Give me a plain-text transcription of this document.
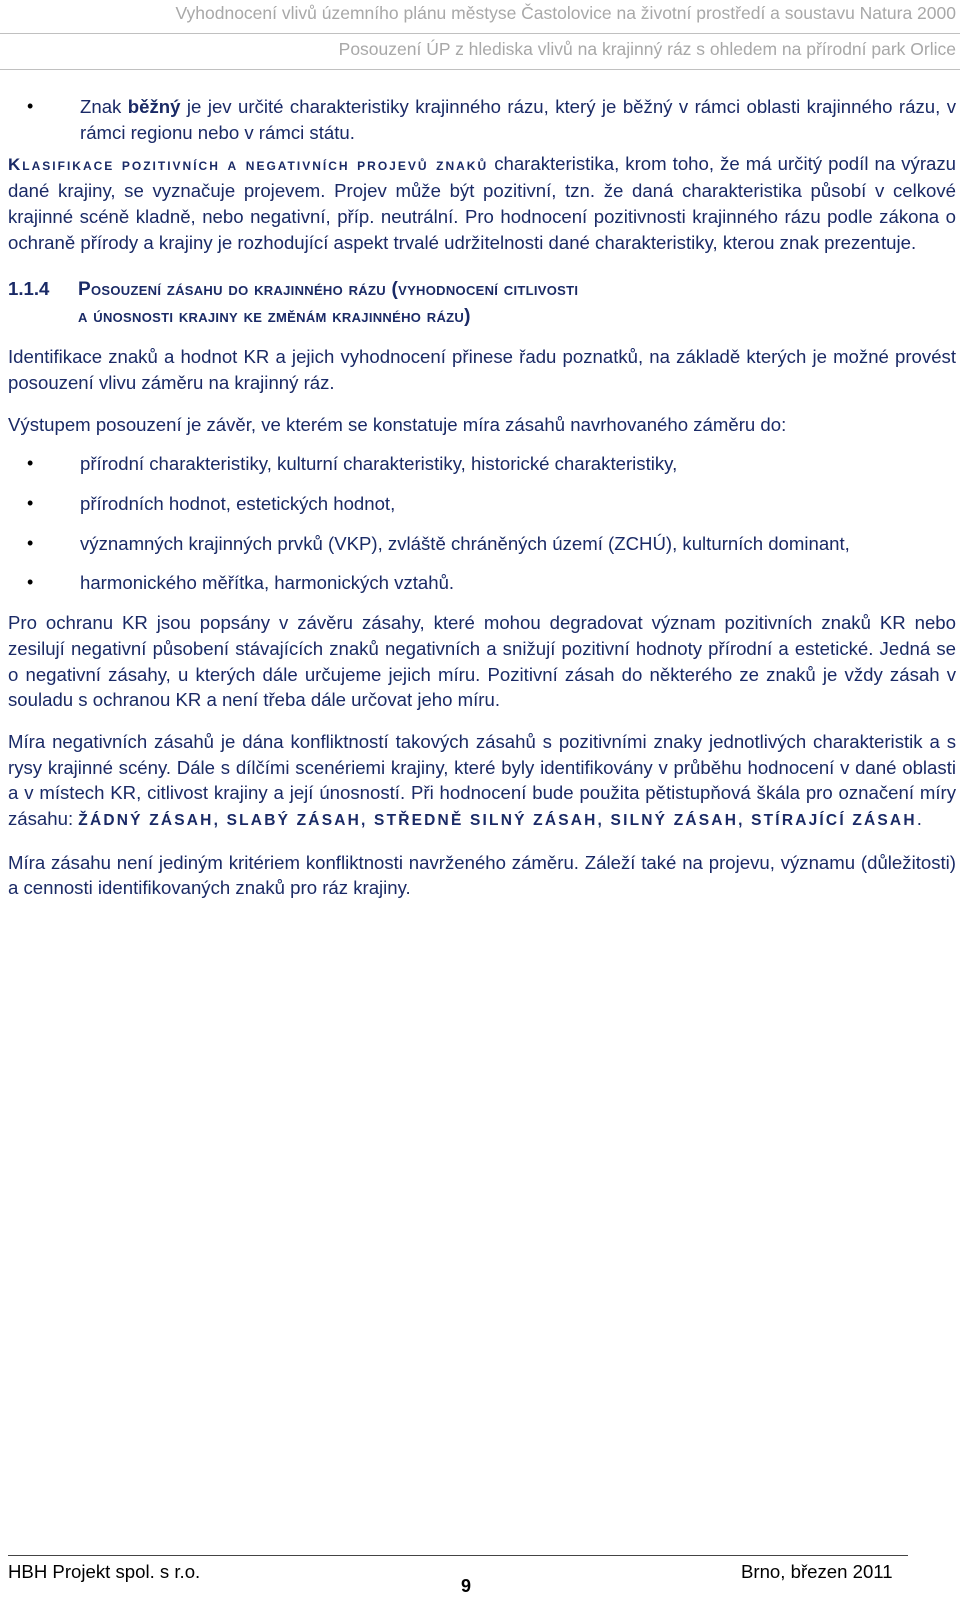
Vyhodnocení vlivů územního plánu městyse Častolovice na životní prostředí a soustavu Natura 2000
Posouzení ÚP z hlediska vlivů na krajinný ráz s ohledem na přírodní park Orlice
• Znak běžný je jev určité charakteristiky krajinného rázu, který je běžný v rámci oblasti krajinného rázu, v rámci regionu nebo v rámci státu.

Klasifikace pozitivních a negativních projevů znaků charakteristika, krom toho, že má určitý podíl na výrazu dané krajiny, se vyznačuje projevem. Projev může být pozitivní, tzn. že daná charakteristika působí v celkové krajinné scéně kladně, nebo negativní, příp. neutrální. Pro hodnocení pozitivnosti krajinného rázu podle zákona o ochraně přírody a krajiny je rozhodující aspekt trvalé udržitelnosti dané charakteristiky, kterou znak prezentuje.

1.1.4 Posouzení zásahu do krajinného rázu (vyhodnocení citlivosti
a únosnosti krajiny ke změnám krajinného rázu)

Identifikace znaků a hodnot KR a jejich vyhodnocení přinese řadu poznatků, na základě kterých je možné provést posouzení vlivu záměru na krajinný ráz.

Výstupem posouzení je závěr, ve kterém se konstatuje míra zásahů navrhovaného záměru do:

• přírodní charakteristiky, kulturní charakteristiky, historické charakteristiky,
• přírodních hodnot, estetických hodnot,
• významných krajinných prvků (VKP), zvláště chráněných území (ZCHÚ), kulturních dominant,
• harmonického měřítka, harmonických vztahů.

Pro ochranu KR jsou popsány v závěru zásahy, které mohou degradovat význam pozitivních znaků KR nebo zesilují negativní působení stávajících znaků negativních a snižují pozitivní hodnoty přírodní a estetické. Jedná se o negativní zásahy, u kterých dále určujeme jejich míru. Pozitivní zásah do některého ze znaků je vždy zásah v souladu s ochranou KR a není třeba dále určovat jeho míru.

Míra negativních zásahů je dána konfliktností takových zásahů s pozitivními znaky jednotlivých charakteristik a s rysy krajinné scény. Dále s dílčími scenériemi krajiny, které byly identifikovány v průběhu hodnocení v dané oblasti a v místech KR, citlivost krajiny a její únosností. Při hodnocení bude použita pětistupňová škála pro označení míry zásahu: ŽÁDNÝ ZÁSAH, SLABÝ ZÁSAH, STŘEDNĚ SILNÝ ZÁSAH, SILNÝ ZÁSAH, STÍRAJÍCÍ ZÁSAH.

Míra zásahu není jediným kritériem konfliktnosti navrženého záměru. Záleží také na projevu, významu (důležitosti) a cennosti identifikovaných znaků pro ráz krajiny.

HBH Projekt spol. s r.o.
9
Brno, březen 2011
